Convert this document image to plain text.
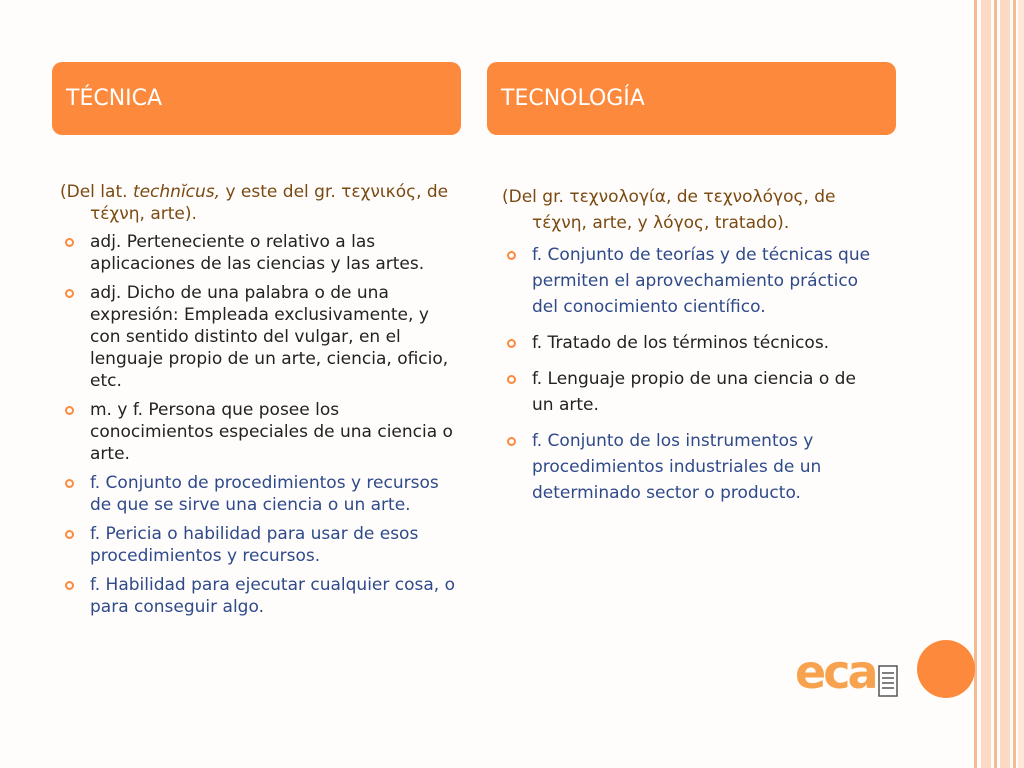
TÉCNICA	TECNOLOGÍA
(Del lat. technĭcus, y este del gr. τεχνικός, de τέχνη, arte).
adj. Perteneciente o relativo a las aplicaciones de las ciencias y las artes.
adj. Dicho de una palabra o de una expresión: Empleada exclusivamente, y con sentido distinto del vulgar, en el lenguaje propio de un arte, ciencia, oficio, etc.
m. y f. Persona que posee los conocimientos especiales de una ciencia o arte.
f. Conjunto de procedimientos y recursos de que se sirve una ciencia o un arte.
f. Pericia o habilidad para usar de esos procedimientos y recursos.
f. Habilidad para ejecutar cualquier cosa, o para conseguir algo.
(Del gr. τεχνολογία, de τεχνολόγος, de τέχνη, arte, y λόγος, tratado).
f. Conjunto de teorías y de técnicas que permiten el aprovechamiento práctico del conocimiento científico.
f. Tratado de los términos técnicos.
f. Lenguaje propio de una ciencia o de un arte.
f. Conjunto de los instrumentos y procedimientos industriales de un determinado sector o producto.
eca
